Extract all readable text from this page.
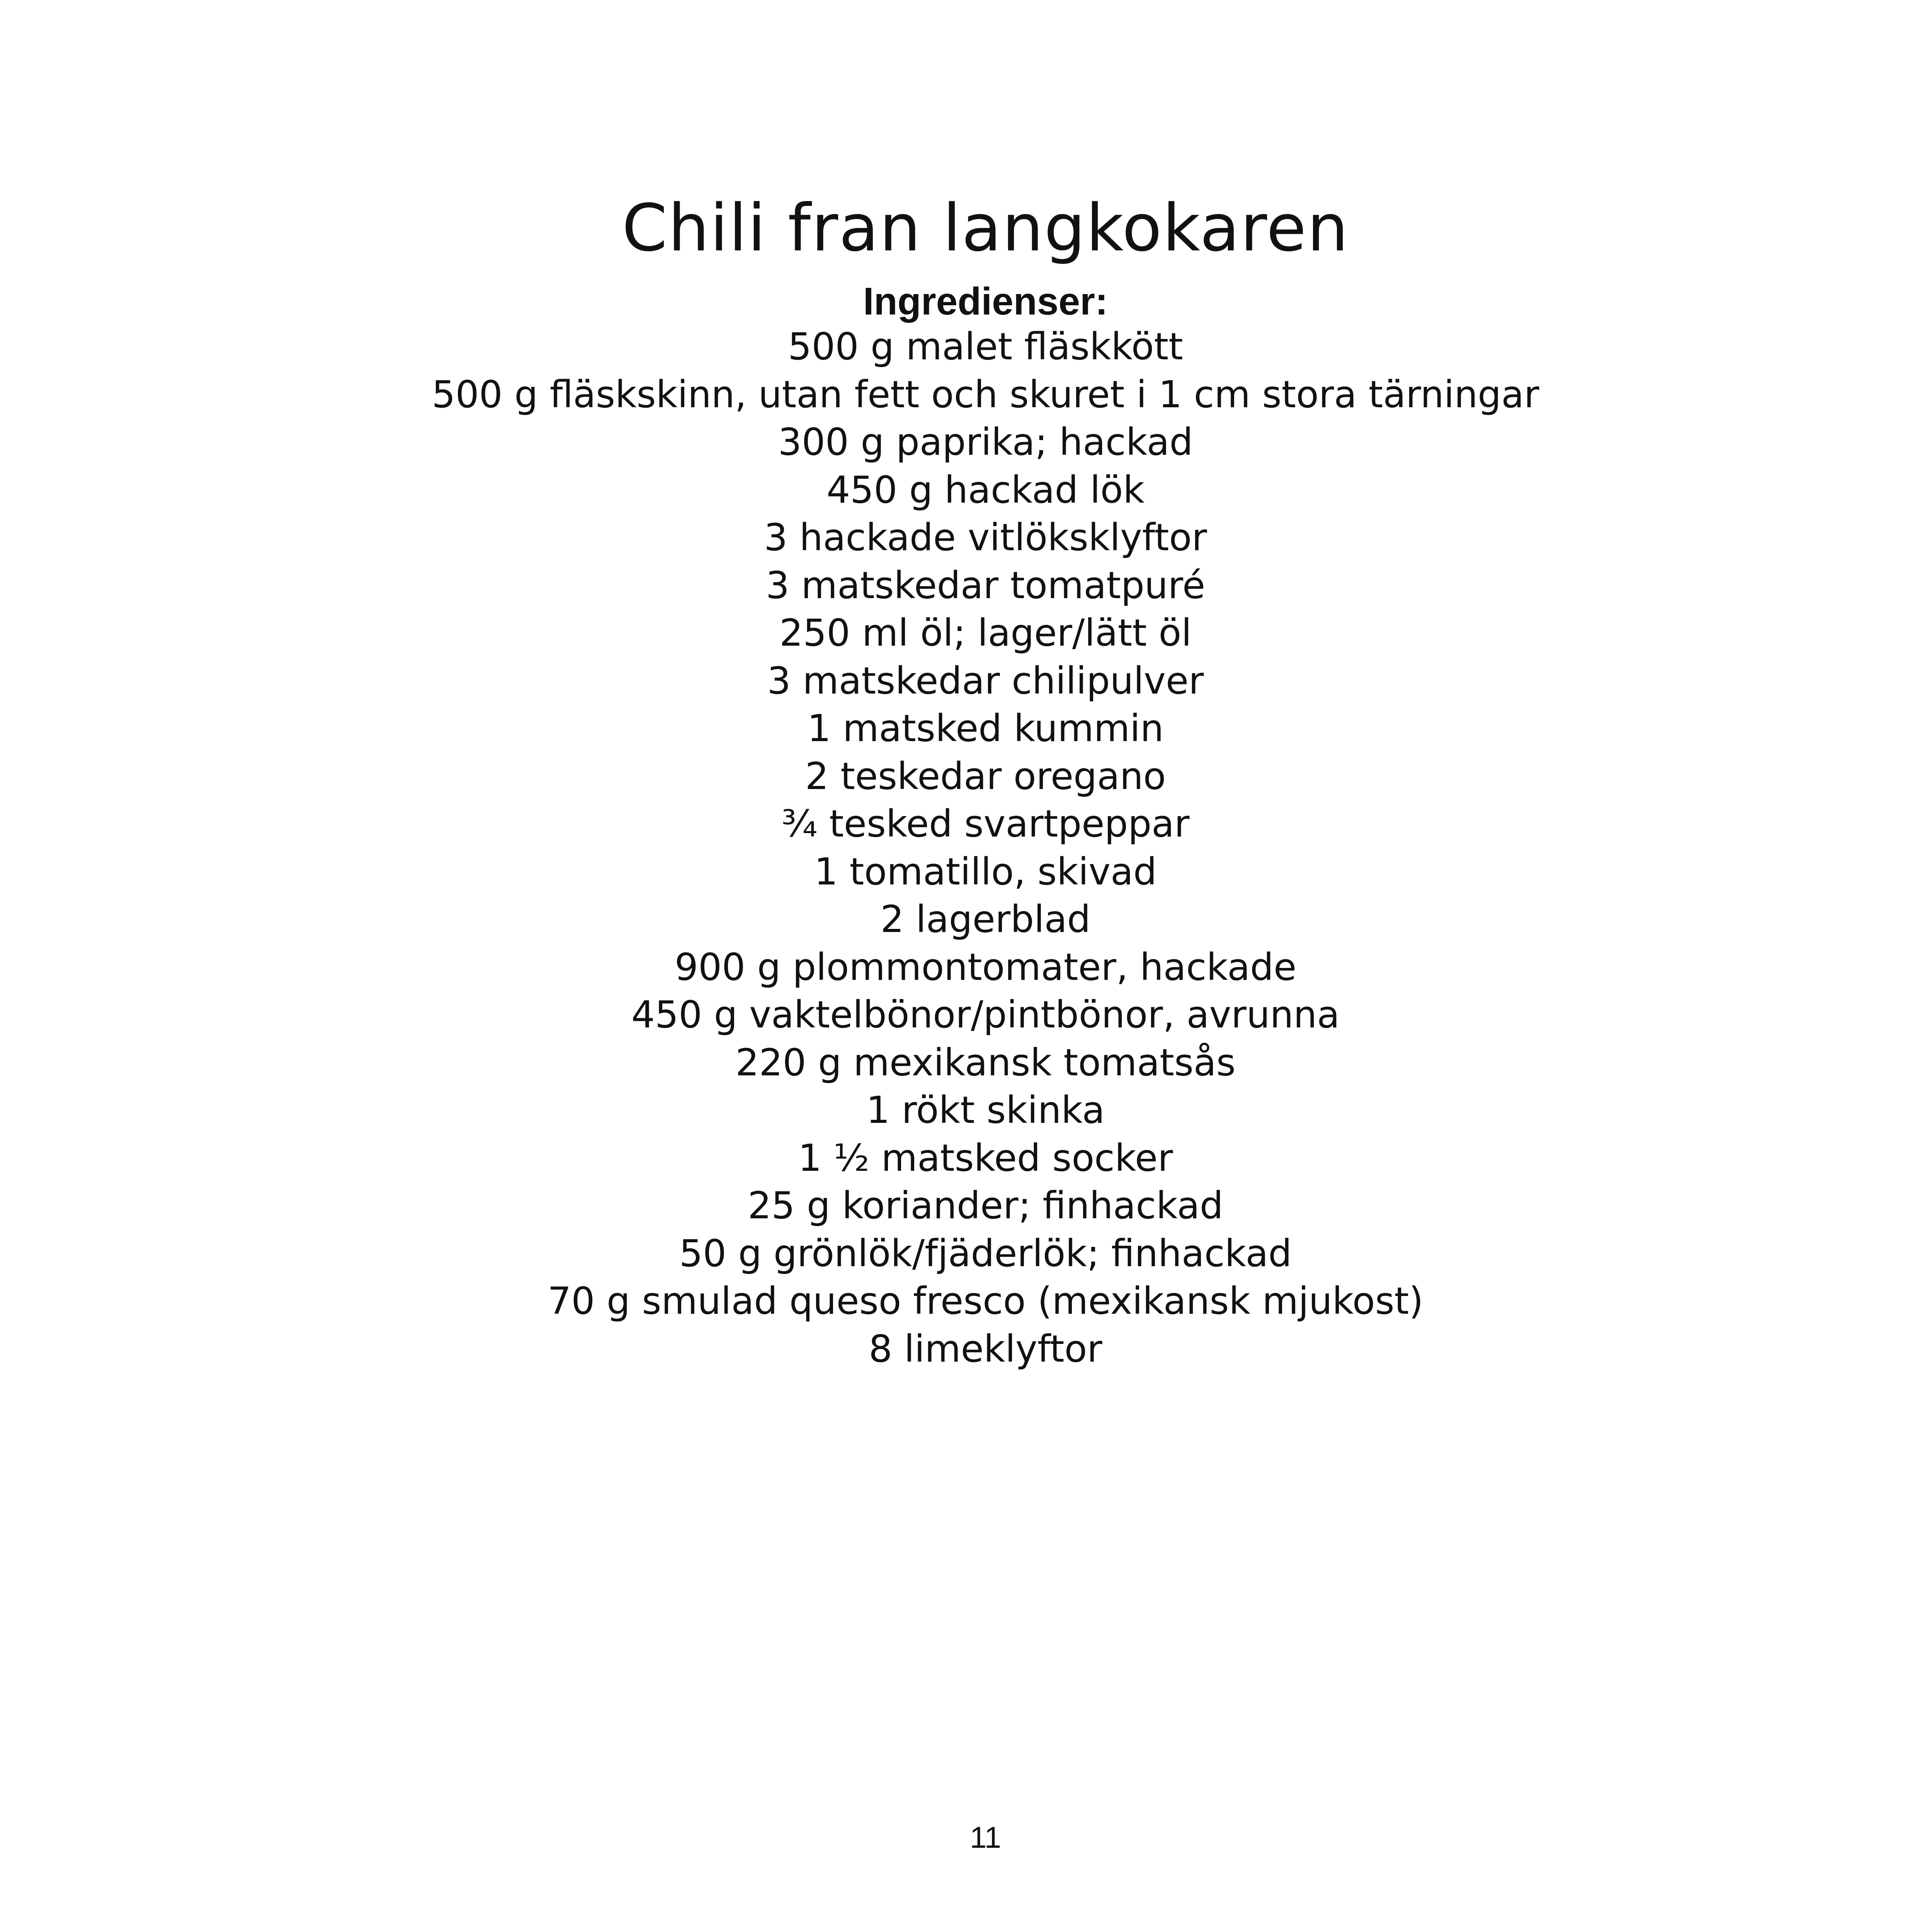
Chili fran langkokaren
Ingredienser:
500 g malet fläskkött
500 g fläskskinn, utan fett och skuret i 1 cm stora tärningar
300 g paprika; hackad
450 g hackad lök
3 hackade vitlöksklyftor
3 matskedar tomatpuré
250 ml öl; lager/lätt öl
3 matskedar chilipulver
1 matsked kummin
2 teskedar oregano
¾ tesked svartpeppar
1 tomatillo, skivad
2 lagerblad
900 g plommontomater, hackade
450 g vaktelbönor/pintbönor, avrunna
220 g mexikansk tomatsås
1 rökt skinka
1 ½ matsked socker
25 g koriander; finhackad
50 g grönlök/fjäderlök; finhackad
70 g smulad queso fresco (mexikansk mjukost)
8 limeklyftor
11
